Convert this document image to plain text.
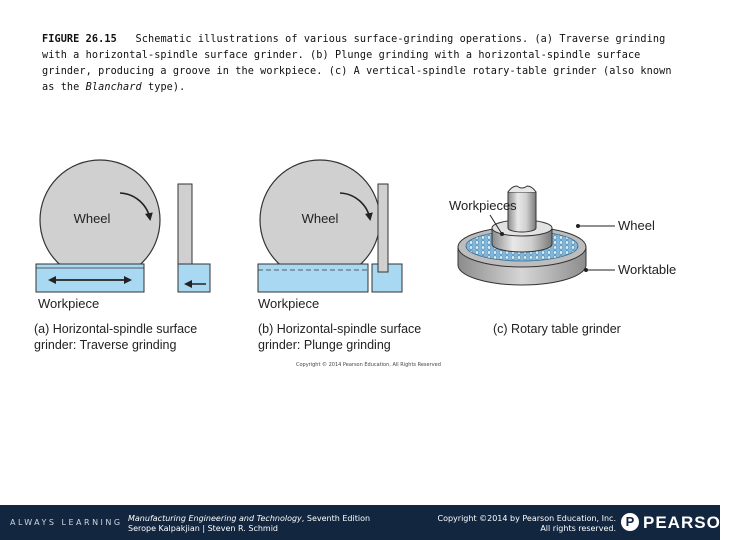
FIGURE 26.15 Schematic illustrations of various surface-grinding operations. (a) Traverse grinding with a horizontal-spindle surface grinder. (b) Plunge grinding with a horizontal-spindle surface grinder, producing a groove in the workpiece. (c) A vertical-spindle rotary-table grinder (also known as the Blanchard type).
Wheel
Workpiece
(a) Horizontal-spindle surface
grinder: Traverse grinding
Wheel
Workpiece
(b) Horizontal-spindle surface
grinder: Plunge grinding
Workpieces
Wheel
Worktable
(c) Rotary table grinder
Copyright © 2014 Pearson Education, All Rights Reserved
ALWAYS LEARNING Manufacturing Engineering and Technology, Seventh Edition
Serope Kalpakjian | Steven R. Schmid
Copyright ©2014 by Pearson Education, Inc.
All rights reserved. P PEARSON
